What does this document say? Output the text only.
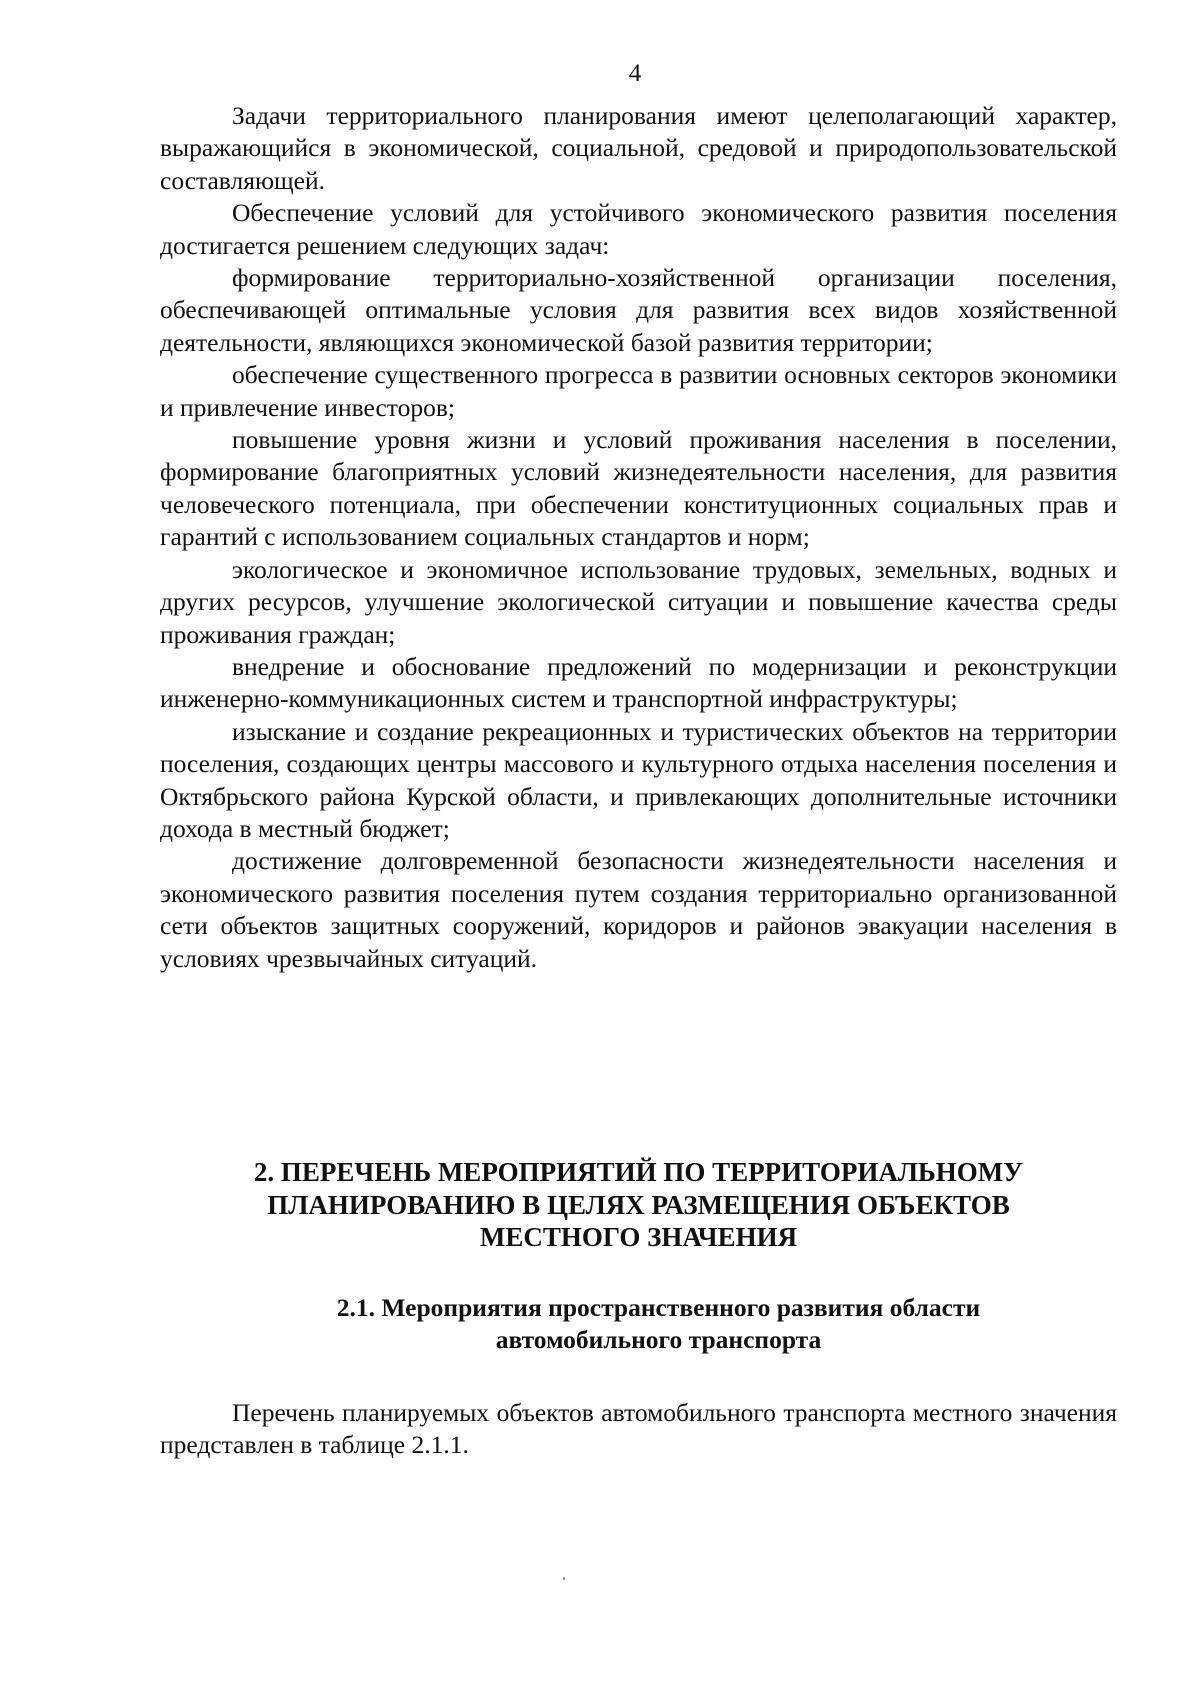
4

Задачи территориального планирования имеют целеполагающий характер, выражающийся в экономической, социальной, средовой и природопользовательской составляющей.

Обеспечение условий для устойчивого экономического развития поселения достигается решением следующих задач:

формирование территориально-хозяйственной организации поселения, обеспечивающей оптимальные условия для развития всех видов хозяйственной деятельности, являющихся экономической базой развития территории;

обеспечение существенного прогресса в развитии основных секторов экономики и привлечение инвесторов;

повышение уровня жизни и условий проживания населения в поселении, формирование благоприятных условий жизнедеятельности населения, для развития человеческого потенциала, при обеспечении конституционных социальных прав и гарантий с использованием социальных стандартов и норм;

экологическое и экономичное использование трудовых, земельных, водных и других ресурсов, улучшение экологической ситуации и повышение качества среды проживания граждан;

внедрение и обоснование предложений по модернизации и реконструкции инженерно-коммуникационных систем и транспортной инфраструктуры;

изыскание и создание рекреационных и туристических объектов на территории поселения, создающих центры массового и культурного отдыха населения поселения и Октябрьского района Курской области, и привлекающих дополнительные источники дохода в местный бюджет;

достижение долговременной безопасности жизнедеятельности населения и экономического развития поселения путем создания территориально организованной сети объектов защитных сооружений, коридоров и районов эвакуации населения в условиях чрезвычайных ситуаций.

2. ПЕРЕЧЕНЬ МЕРОПРИЯТИЙ ПО ТЕРРИТОРИАЛЬНОМУ
ПЛАНИРОВАНИЮ В ЦЕЛЯХ РАЗМЕЩЕНИЯ ОБЪЕКТОВ
МЕСТНОГО ЗНАЧЕНИЯ
2.1. Мероприятия пространственного развития области
автомобильного транспорта

Перечень планируемых объектов автомобильного транспорта местного значения представлен в таблице 2.1.1.
